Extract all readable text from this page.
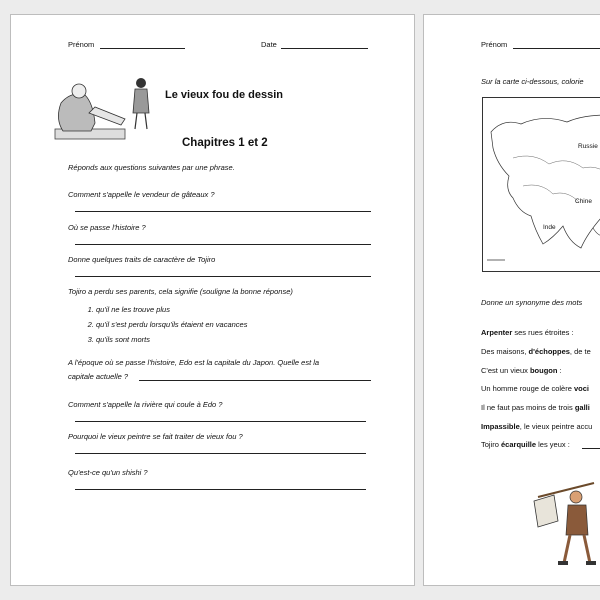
Prénom	Date
Le vieux fou de dessin
Chapitres 1 et 2
Réponds aux questions suivantes par une phrase.
Comment s'appelle le vendeur de gâteaux ?
Où se passe l'histoire ?
Donne quelques traits de caractère de Tojiro
Tojiro a perdu ses parents, cela signifie (souligne la bonne réponse)
1. qu'il ne les trouve plus
2. qu'il s'est perdu lorsqu'ils étaient en vacances
3. qu'ils sont morts
A l'époque où se passe l'histoire, Edo est la capitale du Japon. Quelle est la
capitale actuelle ?
Comment s'appelle la rivière qui coule à Edo ?
Pourquoi le vieux peintre se fait traiter de vieux fou ?
Qu'est-ce qu'un shishi ?
Prénom
Sur la carte ci-dessous, colorie
Russie
Chine
Inde
Donne un synonyme des mots
Arpenter ses rues étroites :
Des maisons, d'échoppes, de te
C'est un vieux bougon :
Un homme rouge de colère voci
Il ne faut pas moins de trois galli
Impassible, le vieux peintre accu
Tojiro écarquille les yeux :
